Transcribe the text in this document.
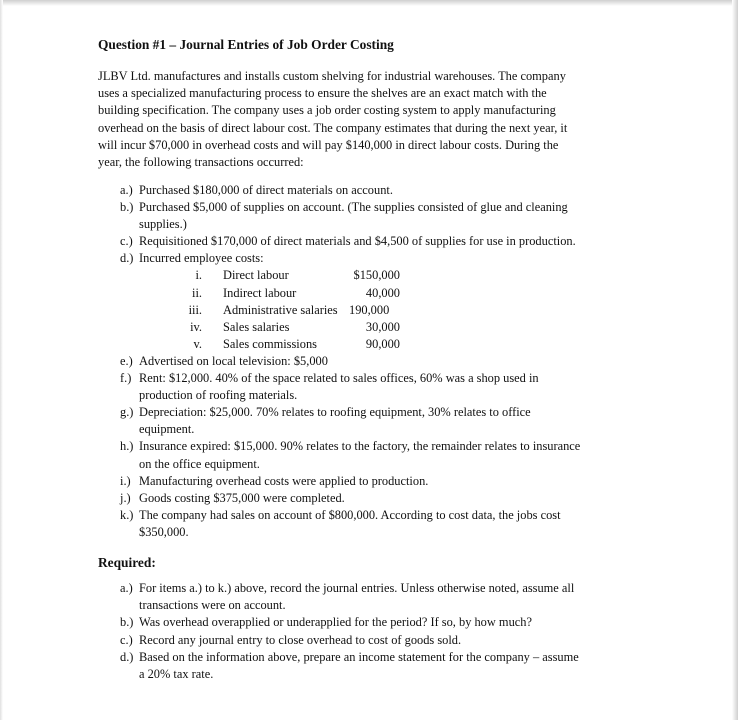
Question #1 – Journal Entries of Job Order Costing
JLBV Ltd. manufactures and installs custom shelving for industrial warehouses. The company
uses a specialized manufacturing process to ensure the shelves are an exact match with the
building specification. The company uses a job order costing system to apply manufacturing
overhead on the basis of direct labour cost. The company estimates that during the next year, it
will incur $70,000 in overhead costs and will pay $140,000 in direct labour costs. During the
year, the following transactions occurred:
a.) Purchased $180,000 of direct materials on account.
b.) Purchased $5,000 of supplies on account. (The supplies consisted of glue and cleaning
supplies.)
c.) Requisitioned $170,000 of direct materials and $4,500 of supplies for use in production.
d.) Incurred employee costs:
i. Direct labour	$150,000
ii. Indirect labour	40,000
iii. Administrative salaries 190,000
iv. Sales salaries	30,000
v. Sales commissions	90,000
e.) Advertised on local television: $5,000
f.) Rent: $12,000. 40% of the space related to sales offices, 60% was a shop used in
production of roofing materials.
g.) Depreciation: $25,000. 70% relates to roofing equipment, 30% relates to office
equipment.
h.) Insurance expired: $15,000. 90% relates to the factory, the remainder relates to insurance
on the office equipment.
i.) Manufacturing overhead costs were applied to production.
j.) Goods costing $375,000 were completed.
k.) The company had sales on account of $800,000. According to cost data, the jobs cost
$350,000.
Required:
a.) For items a.) to k.) above, record the journal entries. Unless otherwise noted, assume all
transactions were on account.
b.) Was overhead overapplied or underapplied for the period? If so, by how much?
c.) Record any journal entry to close overhead to cost of goods sold.
d.) Based on the information above, prepare an income statement for the company – assume
a 20% tax rate.
